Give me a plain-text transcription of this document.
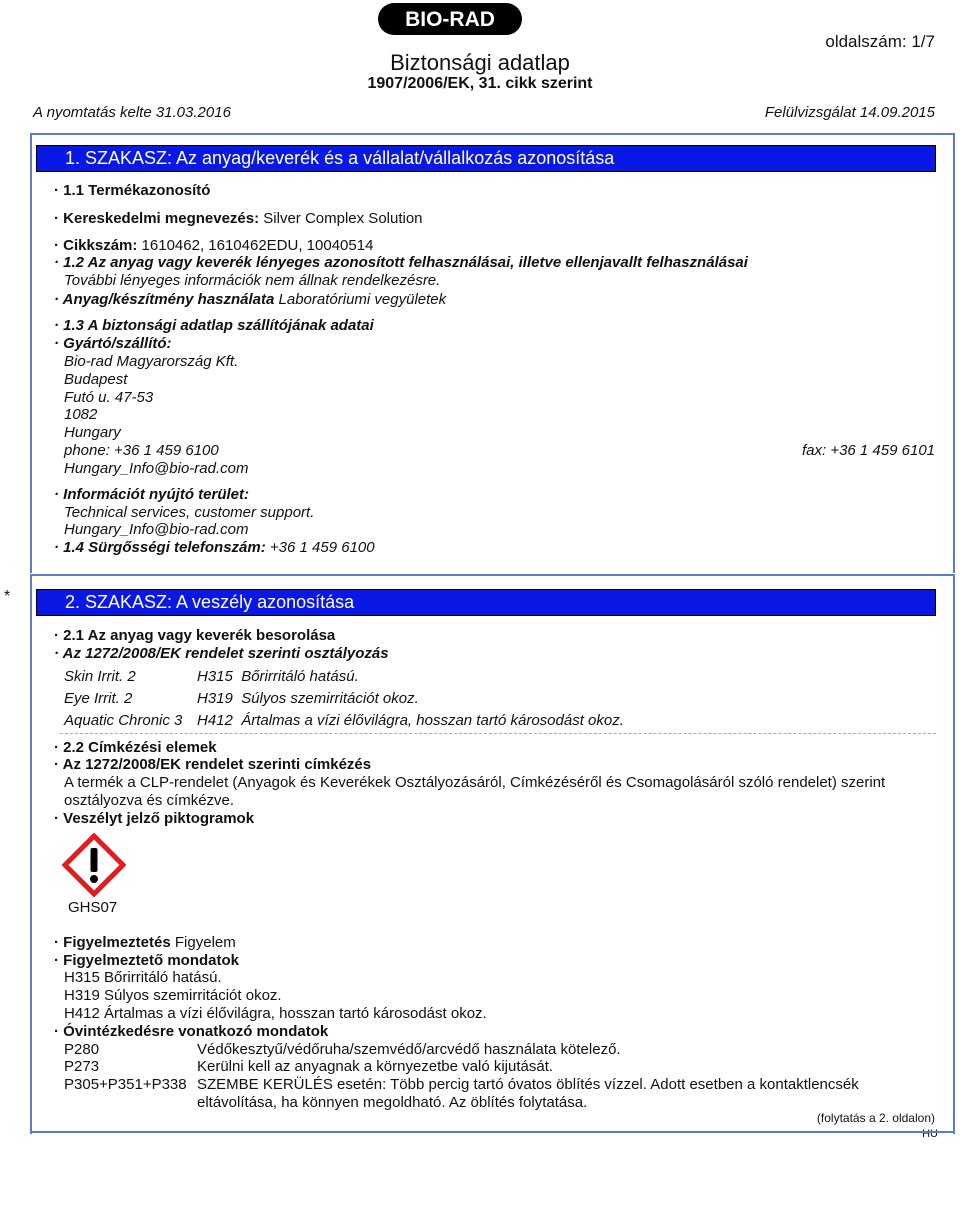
BIO-RAD
Biztonsági adatlap
1907/2006/EK, 31. cikk szerint
oldalszám: 1/7
A nyomtatás kelte 31.03.2016	Felülvizsgálat 14.09.2015
1. SZAKASZ: Az anyag/keverék és a vállalat/vállalkozás azonosítása
· 1.1 Termékazonosító
· Kereskedelmi megnevezés: Silver Complex Solution
· Cikkszám: 1610462, 1610462EDU, 10040514
· 1.2 Az anyag vagy keverék lényeges azonosított felhasználásai, illetve ellenjavallt felhasználásai
További lényeges információk nem állnak rendelkezésre.
· Anyag/készítmény használata Laboratóriumi vegyületek
· 1.3 A biztonsági adatlap szállítójának adatai
· Gyártó/szállító:
Bio-rad Magyarország Kft.
Budapest
Futó u. 47-53
1082
Hungary
phone: +36 1 459 6100	fax: +36 1 459 6101
Hungary_Info@bio-rad.com
· Információt nyújtó terület:
Technical services, customer support.
Hungary_Info@bio-rad.com
· 1.4 Sürgősségi telefonszám: +36 1 459 6100
*	2. SZAKASZ: A veszély azonosítása
· 2.1 Az anyag vagy keverék besorolása
· Az 1272/2008/EK rendelet szerinti osztályozás
Skin Irrit. 2	H315 Bőrirritáló hatású.
Eye Irrit. 2	H319 Súlyos szemirritációt okoz.
Aquatic Chronic 3 H412 Ártalmas a vízi élővilágra, hosszan tartó károsodást okoz.
· 2.2 Címkézési elemek
· Az 1272/2008/EK rendelet szerinti címkézés
A termék a CLP-rendelet (Anyagok és Keverékek Osztályozásáról, Címkézéséről és Csomagolásáról szóló rendelet) szerint
osztályozva és címkézve.
· Veszélyt jelző piktogramok
GHS07
· Figyelmeztetés Figyelem
· Figyelmeztető mondatok
H315 Bőrirritáló hatású.
H319 Súlyos szemirritációt okoz.
H412 Ártalmas a vízi élővilágra, hosszan tartó károsodást okoz.
· Óvintézkedésre vonatkozó mondatok
P280	Védőkesztyű/védőruha/szemvédő/arcvédő használata kötelező.
P273	Kerülni kell az anyagnak a környezetbe való kijutását.
P305+P351+P338 SZEMBE KERÜLÉS esetén: Több percig tartó óvatos öblítés vízzel. Adott esetben a kontaktlencsék
eltávolítása, ha könnyen megoldható. Az öblítés folytatása.
(folytatás a 2. oldalon)
HU
